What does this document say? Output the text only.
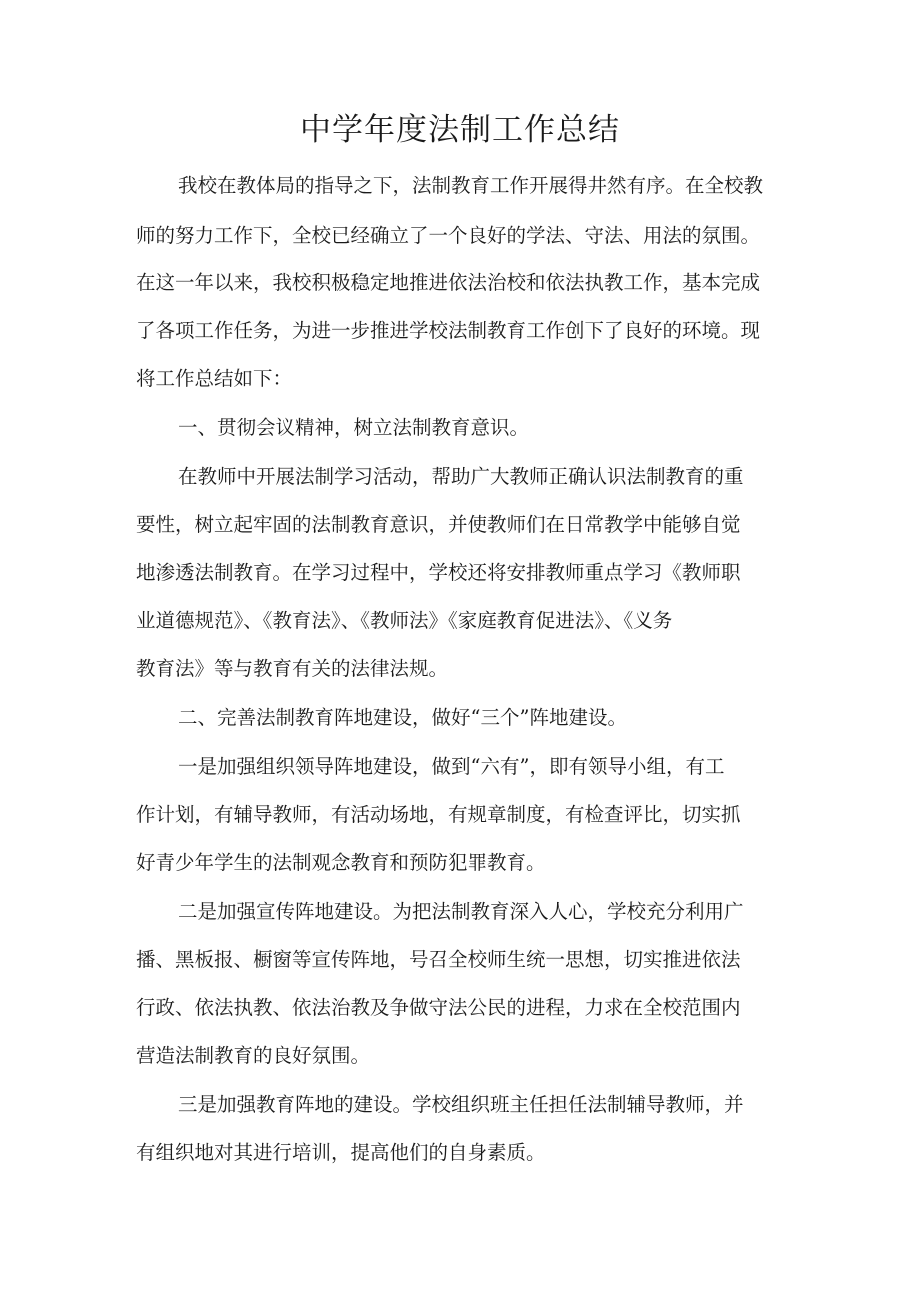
中学年度法制工作总结

我校在教体局的指导之下，法制教育工作开展得井然有序。在全校教

师的努力工作下，全校已经确立了一个良好的学法、守法、用法的氛围。

在这一年以来，我校积极稳定地推进依法治校和依法执教工作，基本完成

了各项工作任务，为进一步推进学校法制教育工作创下了良好的环境。现

将工作总结如下：

一、贯彻会议精神，树立法制教育意识。

在教师中开展法制学习活动，帮助广大教师正确认识法制教育的重

要性，树立起牢固的法制教育意识，并使教师们在日常教学中能够自觉

地渗透法制教育。在学习过程中，学校还将安排教师重点学习《教师职

业道德规范》、《教育法》、《教师法》《家庭教育促进法》、《义务

教育法》等与教育有关的法律法规。

二、完善法制教育阵地建设，做好“三个”阵地建设。

一是加强组织领导阵地建设，做到“六有”，即有领导小组，有工

作计划，有辅导教师，有活动场地，有规章制度，有检查评比，切实抓

好青少年学生的法制观念教育和预防犯罪教育。

二是加强宣传阵地建设。为把法制教育深入人心，学校充分利用广

播、黑板报、橱窗等宣传阵地，号召全校师生统一思想，切实推进依法

行政、依法执教、依法治教及争做守法公民的进程，力求在全校范围内

营造法制教育的良好氛围。

三是加强教育阵地的建设。学校组织班主任担任法制辅导教师，并

有组织地对其进行培训，提高他们的自身素质。
